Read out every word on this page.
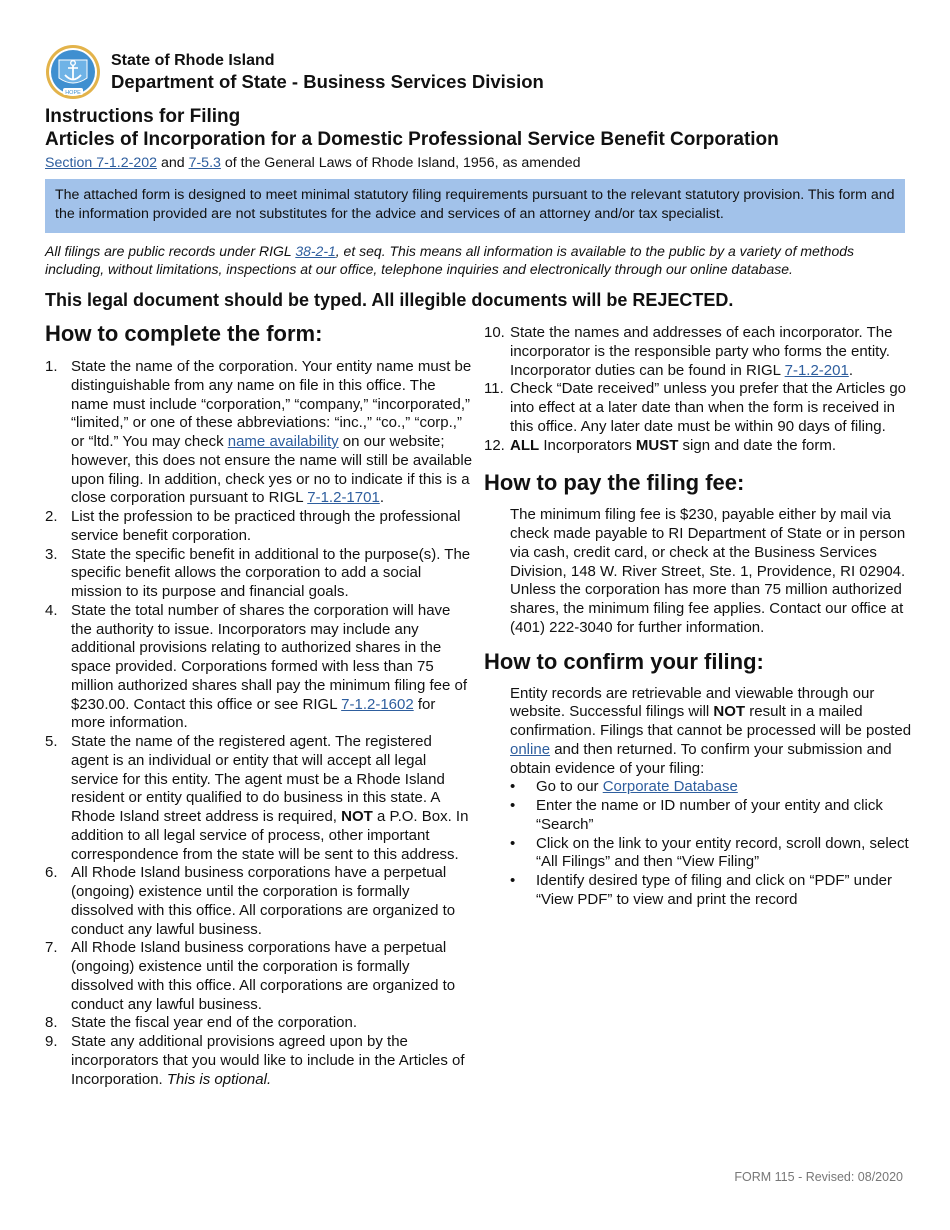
HOPE
State of Rhode Island
Department of State - Business Services Division
Instructions for Filing
Articles of Incorporation for a Domestic Professional Service Benefit Corporation
Section 7-1.2-202 and 7-5.3 of the General Laws of Rhode Island, 1956, as amended
The attached form is designed to meet minimal statutory filing requirements pursuant to the relevant statutory provision. This form and the information provided are not substitutes for the advice and services of an attorney and/or tax specialist.
All filings are public records under RIGL 38-2-1, et seq. This means all information is available to the public by a variety of methods including, without limitations, inspections at our office, telephone inquiries and electronically through our online database.
This legal document should be typed. All illegible documents will be REJECTED.
How to complete the form:
1. State the name of the corporation. Your entity name must be distinguishable from any name on file in this office. The name must include “corporation,” “company,” “incorporated,” “limited,” or one of these abbreviations: “inc.,” “co.,” “corp.,” or “ltd.” You may check name availability on our website; however, this does not ensure the name will still be available upon filing. In addition, check yes or no to indicate if this is a close corporation pursuant to RIGL 7-1.2-1701.
2. List the profession to be practiced through the professional service benefit corporation.
3. State the specific benefit in additional to the purpose(s). The specific benefit allows the corporation to add a social mission to its purpose and financial goals.
4. State the total number of shares the corporation will have the authority to issue. Incorporators may include any additional provisions relating to authorized shares in the space provided. Corporations formed with less than 75 million authorized shares shall pay the minimum filing fee of $230.00. Contact this office or see RIGL 7-1.2-1602 for more information.
5. State the name of the registered agent. The registered agent is an individual or entity that will accept all legal service for this entity. The agent must be a Rhode Island resident or entity qualified to do business in this state. A Rhode Island street address is required, NOT a P.O. Box. In addition to all legal service of process, other important correspondence from the state will be sent to this address.
6. All Rhode Island business corporations have a perpetual (ongoing) existence until the corporation is formally dissolved with this office. All corporations are organized to conduct any lawful business.
7. All Rhode Island business corporations have a perpetual (ongoing) existence until the corporation is formally dissolved with this office. All corporations are organized to conduct any lawful business.
8. State the fiscal year end of the corporation.
9. State any additional provisions agreed upon by the incorporators that you would like to include in the Articles of Incorporation. This is optional.
10. State the names and addresses of each incorporator. The incorporator is the responsible party who forms the entity. Incorporator duties can be found in RIGL 7-1.2-201.
11. Check “Date received” unless you prefer that the Articles go into effect at a later date than when the form is received in this office. Any later date must be within 90 days of filing.
12. ALL Incorporators MUST sign and date the form.
How to pay the filing fee:
The minimum filing fee is $230, payable either by mail via check made payable to RI Department of State or in person via cash, credit card, or check at the Business Services Division, 148 W. River Street, Ste. 1, Providence, RI 02904. Unless the corporation has more than 75 million authorized shares, the minimum filing fee applies. Contact our office at (401) 222-3040 for further information.
How to confirm your filing:
Entity records are retrievable and viewable through our website. Successful filings will NOT result in a mailed confirmation. Filings that cannot be processed will be posted online and then returned. To confirm your submission and obtain evidence of your filing:
• Go to our Corporate Database
• Enter the name or ID number of your entity and click “Search”
• Click on the link to your entity record, scroll down, select “All Filings” and then “View Filing”
• Identify desired type of filing and click on “PDF” under “View PDF” to view and print the record
FORM 115 - Revised: 08/2020
